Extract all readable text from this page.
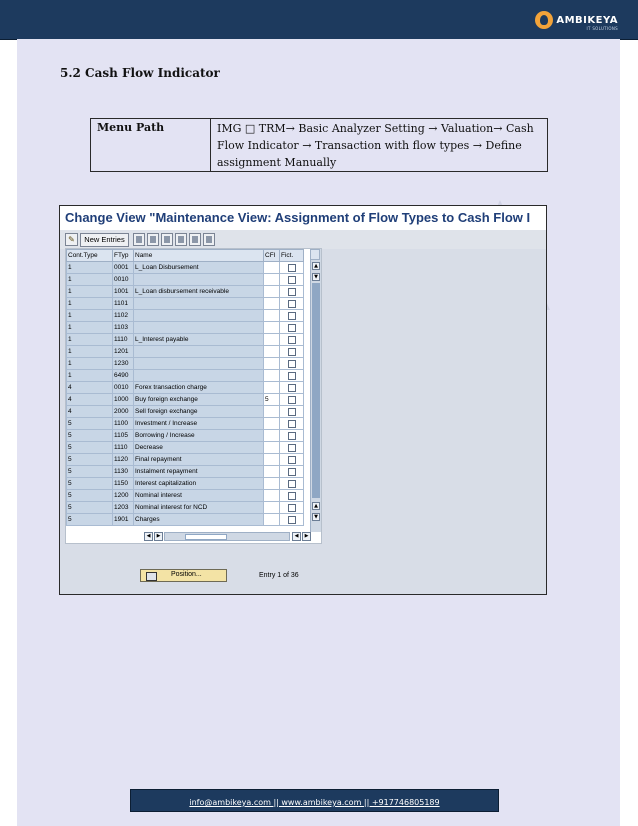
AMBIKEYA
IT SOLUTIONS
5.2 Cash Flow Indicator
Menu Path	IMG □ TRM→ Basic Analyzer Setting → Valuation→ Cash
Flow Indicator → Transaction with flow types → Define
assignment Manually
Change View "Maintenance View: Assignment of Flow Types to Cash Flow I
✎	New Entries
Cont.Type	FTyp	Name	CFI	Fict.
1	0001	L_Loan Disbursement		
1	0010			
1	1001	L_Loan disbursement receivable		
1	1101			
1	1102			
1	1103			
1	1110	L_Interest payable		
1	1201			
1	1230			
1	6490			
4	0010	Forex transaction charge		
4	1000	Buy foreign exchange	5	
4	2000	Sell foreign exchange		
5	1100	Investment / Increase		
5	1105	Borrowing / Increase		
5	1110	Decrease		
5	1120	Final repayment		
5	1130	Instalment repayment		
5	1150	Interest capitalization		
5	1200	Nominal interest		
5	1203	Nominal interest for NCD		
5	1901	Charges		
▲
▼
▲
▼
◀	▶	◀	▶
Position...	Entry 1 of 36
info@ambikeya.com || www.ambikeya.com || +917746805189
